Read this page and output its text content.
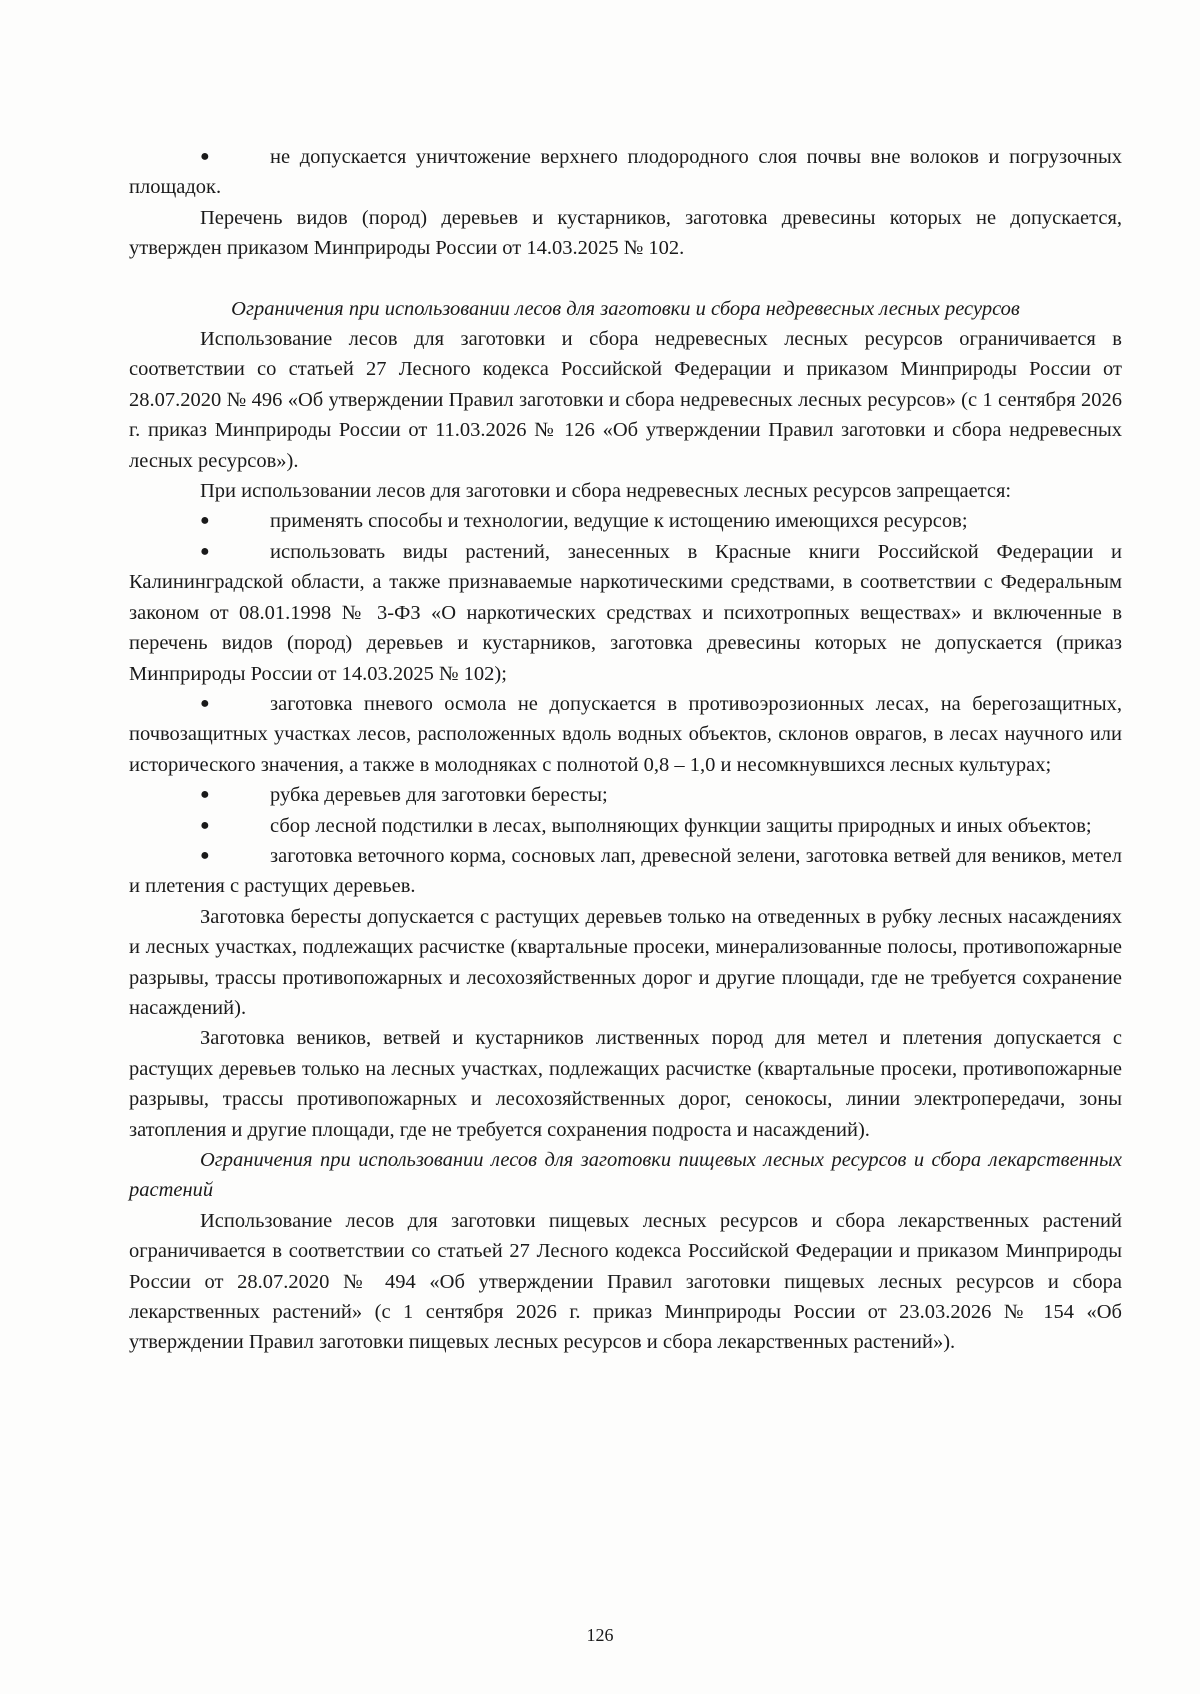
●	не допускается уничтожение верхнего плодородного слоя почвы вне волоков и погрузочных площадок.

Перечень видов (пород) деревьев и кустарников, заготовка древесины которых не допускается, утвержден приказом Минприроды России от 14.03.2025 № 102.

Ограничения при использовании лесов для заготовки и сбора недревесных лесных ресурсов

Использование лесов для заготовки и сбора недревесных лесных ресурсов ограничивается в соответствии со статьей 27 Лесного кодекса Российской Федерации и приказом Минприроды России от 28.07.2020 № 496 «Об утверждении Правил заготовки и сбора недревесных лесных ресурсов» (с 1 сентября 2026 г. приказ Минприроды России от 11.03.2026 № 126 «Об утверждении Правил заготовки и сбора недревесных лесных ресурсов»).

При использовании лесов для заготовки и сбора недревесных лесных ресурсов запрещается:

●	применять способы и технологии, ведущие к истощению имеющихся ресурсов;

●	использовать виды растений, занесенных в Красные книги Российской Федерации и Калининградской области, а также признаваемые наркотическими средствами, в соответствии с Федеральным законом от 08.01.1998 № 3-ФЗ «О наркотических средствах и психотропных веществах» и включенные в перечень видов (пород) деревьев и кустарников, заготовка древесины которых не допускается (приказ Минприроды России от 14.03.2025 № 102);

●	заготовка пневого осмола не допускается в противоэрозионных лесах, на берегозащитных, почвозащитных участках лесов, расположенных вдоль водных объектов, склонов оврагов, в лесах научного или исторического значения, а также в молодняках с полнотой 0,8 – 1,0 и несомкнувшихся лесных культурах;

●	рубка деревьев для заготовки бересты;

●	сбор лесной подстилки в лесах, выполняющих функции защиты природных и иных объектов;

●	заготовка веточного корма, сосновых лап, древесной зелени, заготовка ветвей для веников, метел и плетения с растущих деревьев.

Заготовка бересты допускается с растущих деревьев только на отведенных в рубку лесных насаждениях и лесных участках, подлежащих расчистке (квартальные просеки, минерализованные полосы, противопожарные разрывы, трассы противопожарных и лесохозяйственных дорог и другие площади, где не требуется сохранение насаждений).

Заготовка веников, ветвей и кустарников лиственных пород для метел и плетения допускается с растущих деревьев только на лесных участках, подлежащих расчистке (квартальные просеки, противопожарные разрывы, трассы противопожарных и лесохозяйственных дорог, сенокосы, линии электропередачи, зоны затопления и другие площади, где не требуется сохранения подроста и насаждений).

Ограничения при использовании лесов для заготовки пищевых лесных ресурсов и сбора лекарственных растений

Использование лесов для заготовки пищевых лесных ресурсов и сбора лекарственных растений ограничивается в соответствии со статьей 27 Лесного кодекса Российской Федерации и приказом Минприроды России от 28.07.2020 № 494 «Об утверждении Правил заготовки пищевых лесных ресурсов и сбора лекарственных растений» (с 1 сентября 2026 г. приказ Минприроды России от 23.03.2026 № 154 «Об утверждении Правил заготовки пищевых лесных ресурсов и сбора лекарственных растений»).

126
